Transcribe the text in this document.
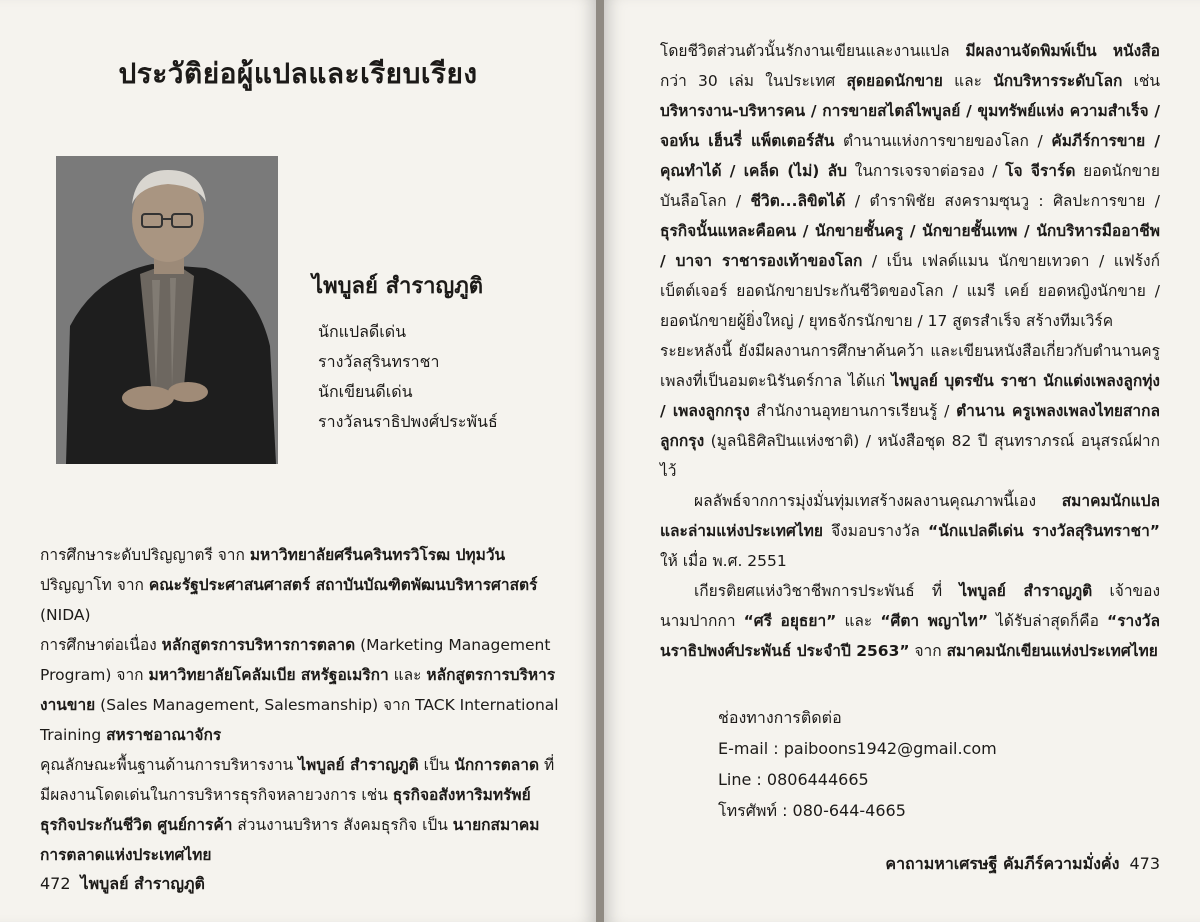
ประวัติย่อผู้แปลและเรียบเรียง
ไพบูลย์ สำราญภูติ
นักแปลดีเด่น
รางวัลสุรินทราชา
นักเขียนดีเด่น
รางวัลนราธิปพงศ์ประพันธ์

การศึกษาระดับปริญญาตรี จาก มหาวิทยาลัยศรีนครินทรวิโรฒ ปทุมวัน ปริญญาโท จาก คณะรัฐประศาสนศาสตร์ สถาบันบัณฑิตพัฒนบริหารศาสตร์ (NIDA)

การศึกษาต่อเนื่อง หลักสูตรการบริหารการตลาด (Marketing Management Program) จาก มหาวิทยาลัยโคลัมเบีย สหรัฐอเมริกา และ หลักสูตรการบริหารงานขาย (Sales Management, Salesmanship) จาก TACK International Training สหราชอาณาจักร

คุณลักษณะพื้นฐานด้านการบริหารงาน ไพบูลย์ สำราญภูติ เป็น นักการตลาด ที่มีผลงานโดดเด่นในการบริหารธุรกิจหลายวงการ เช่น ธุรกิจอสังหาริมทรัพย์ ธุรกิจประกันชีวิต ศูนย์การค้า ส่วนงานบริหาร สังคมธุรกิจ เป็น นายกสมาคมการตลาดแห่งประเทศไทย

472 ไพบูลย์ สำราญภูติ

โดยชีวิตส่วนตัวนั้นรักงานเขียนและงานแปล มีผลงานจัดพิมพ์เป็น หนังสือ กว่า 30 เล่ม ในประเทศ สุดยอดนักขาย และ นักบริหารระดับโลก เช่น บริหารงาน-บริหารคน / การขายสไตล์ไพบูลย์ / ขุมทรัพย์แห่ง ความสำเร็จ / จอห์น เฮ็นรี่ แพ็ตเตอร์สัน ตำนานแห่งการขายของโลก / คัมภีร์การขาย / คุณทำได้ / เคล็ด (ไม่) ลับ ในการเจรจาต่อรอง / โจ จีราร์ด ยอดนักขายบันลือโลก / ชีวิต...ลิขิตได้ / ตำราพิชัย สงครามซุนวู : ศิลปะการขาย / ธุรกิจนั้นแหละคือคน / นักขายชั้นครู / นักขายชั้นเทพ / นักบริหารมืออาชีพ / บาจา ราชารองเท้าของโลก / เบ็น เฟลด์แมน นักขายเทวดา / แฟร้งก์ เบ็ตต์เจอร์ ยอดนักขายประกันชีวิตของโลก / แมรี เคย์ ยอดหญิงนักขาย / ยอดนักขายผู้ยิ่งใหญ่ / ยุทธจักรนักขาย / 17 สูตรสำเร็จ สร้างทีมเวิร์ค

ระยะหลังนี้ ยังมีผลงานการศึกษาค้นคว้า และเขียนหนังสือเกี่ยวกับตำนานครูเพลงที่เป็นอมตะนิรันดร์กาล ได้แก่ ไพบูลย์ บุตรขัน ราชา นักแต่งเพลงลูกทุ่ง / เพลงลูกกรุง สำนักงานอุทยานการเรียนรู้ / ตำนาน ครูเพลงเพลงไทยสากล ลูกกรุง (มูลนิธิศิลปินแห่งชาติ) / หนังสือชุด 82 ปี สุนทราภรณ์ อนุสรณ์ฝากไว้

ผลลัพธ์จากการมุ่งมั่นทุ่มเทสร้างผลงานคุณภาพนี้เอง สมาคมนักแปลและล่ามแห่งประเทศไทย จึงมอบรางวัล “นักแปลดีเด่น รางวัลสุรินทราชา” ให้ เมื่อ พ.ศ. 2551

เกียรติยศแห่งวิชาชีพการประพันธ์ ที่ ไพบูลย์ สำราญภูติ เจ้าของนามปากกา “ศรี อยุธยา” และ “ศีตา พญาไท” ได้รับล่าสุดก็คือ “รางวัลนราธิปพงศ์ประพันธ์ ประจำปี 2563” จาก สมาคมนักเขียนแห่งประเทศไทย

ช่องทางการติดต่อ
E-mail : paiboons1942@gmail.com
Line : 0806444665
โทรศัพท์ : 080-644-4665
คาถามหาเศรษฐี คัมภีร์ความมั่งคั่ง 473
